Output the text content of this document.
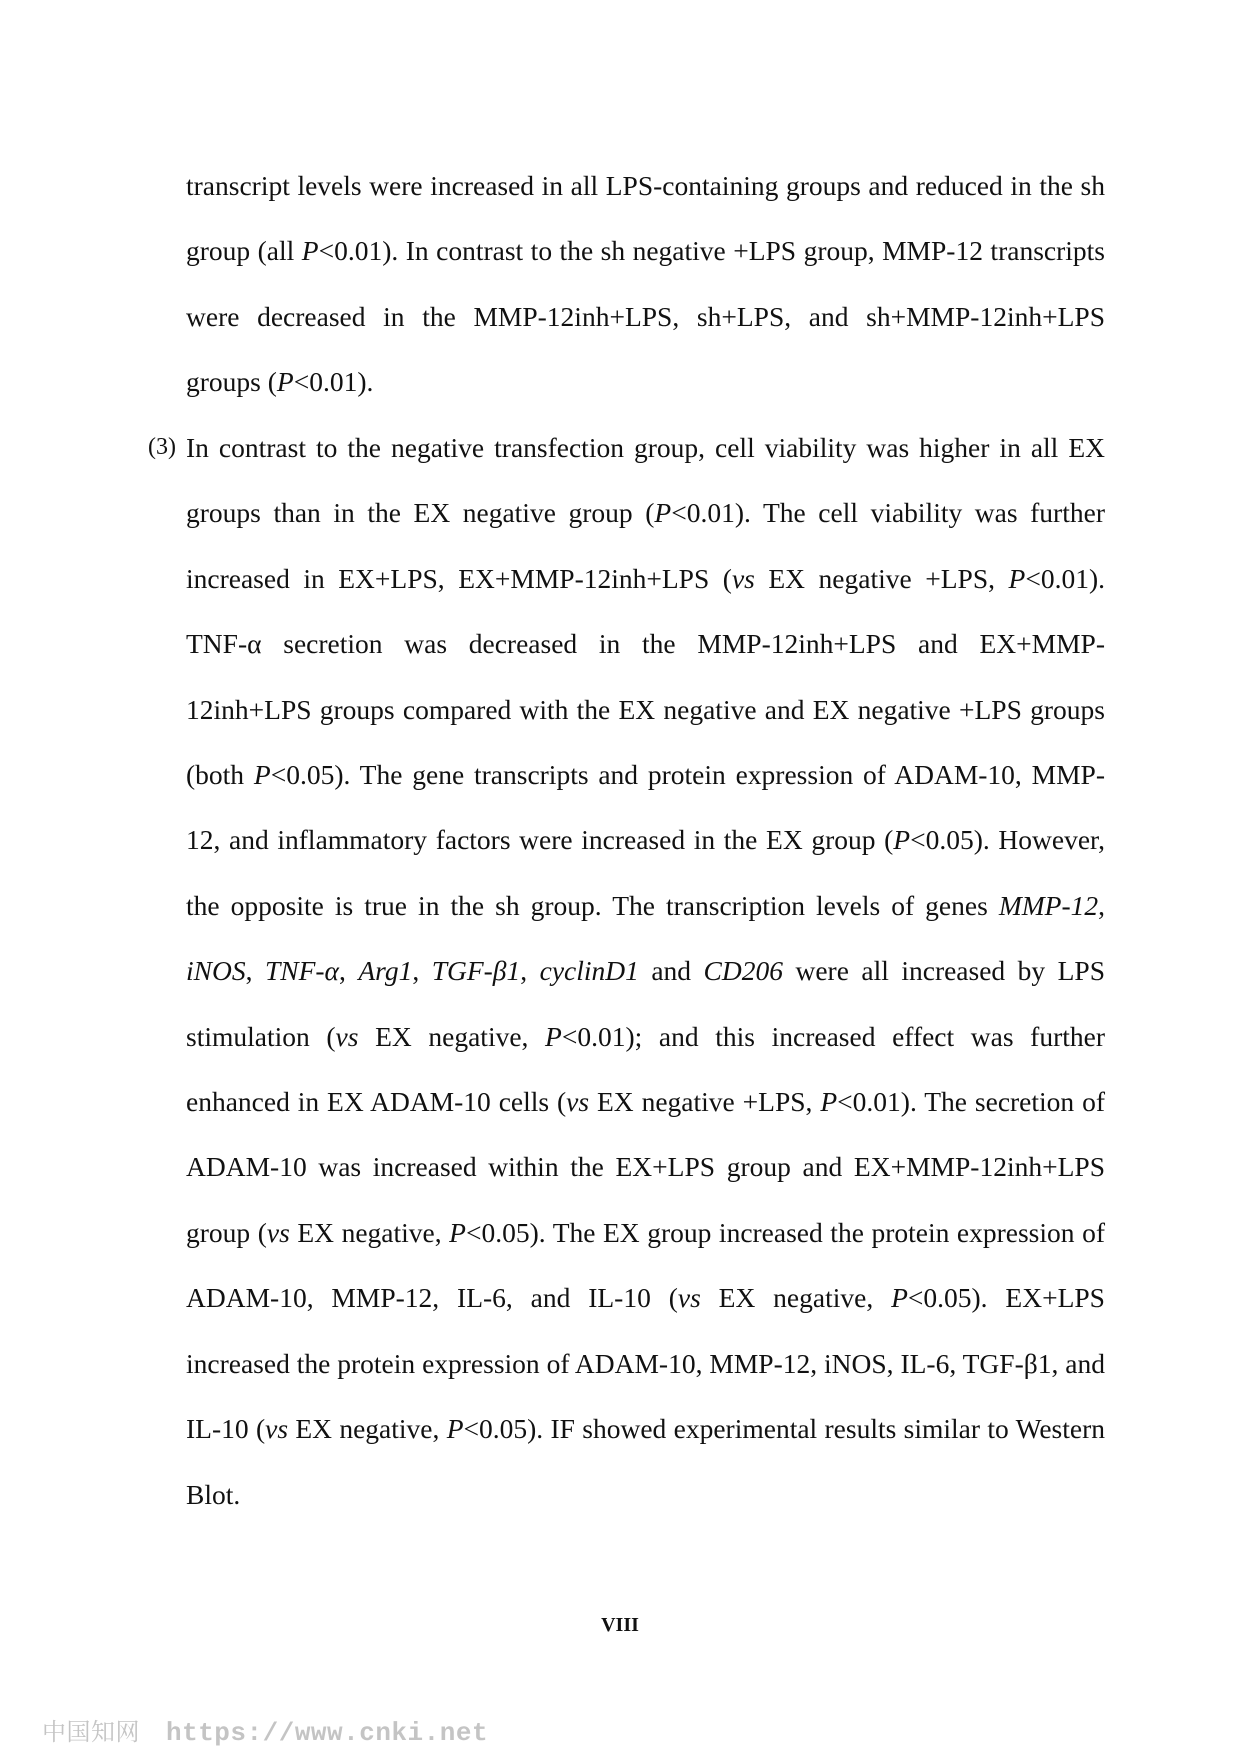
transcript levels were increased in all LPS-containing groups and reduced in the sh group (all P<0.01). In contrast to the sh negative +LPS group, MMP-12 transcripts were decreased in the MMP-12inh+LPS, sh+LPS, and sh+MMP-12inh+LPS groups (P<0.01).

(3) In contrast to the negative transfection group, cell viability was higher in all EX groups than in the EX negative group (P<0.01). The cell viability was further increased in EX+LPS, EX+MMP-12inh+LPS (vs EX negative +LPS, P<0.01). TNF-α secretion was decreased in the MMP-12inh+LPS and EX+MMP-12inh+LPS groups compared with the EX negative and EX negative +LPS groups (both P<0.05). The gene transcripts and protein expression of ADAM-10, MMP-12, and inflammatory factors were increased in the EX group (P<0.05). However, the opposite is true in the sh group. The transcription levels of genes MMP-12, iNOS, TNF-α, Arg1, TGF-β1, cyclinD1 and CD206 were all increased by LPS stimulation (vs EX negative, P<0.01); and this increased effect was further enhanced in EX ADAM-10 cells (vs EX negative +LPS, P<0.01). The secretion of ADAM-10 was increased within the EX+LPS group and EX+MMP-12inh+LPS group (vs EX negative, P<0.05). The EX group increased the protein expression of ADAM-10, MMP-12, IL-6, and IL-10 (vs EX negative, P<0.05). EX+LPS increased the protein expression of ADAM-10, MMP-12, iNOS, IL-6, TGF-β1, and IL-10 (vs EX negative, P<0.05). IF showed experimental results similar to Western Blot.

VIII
中国知网 https://www.cnki.net
